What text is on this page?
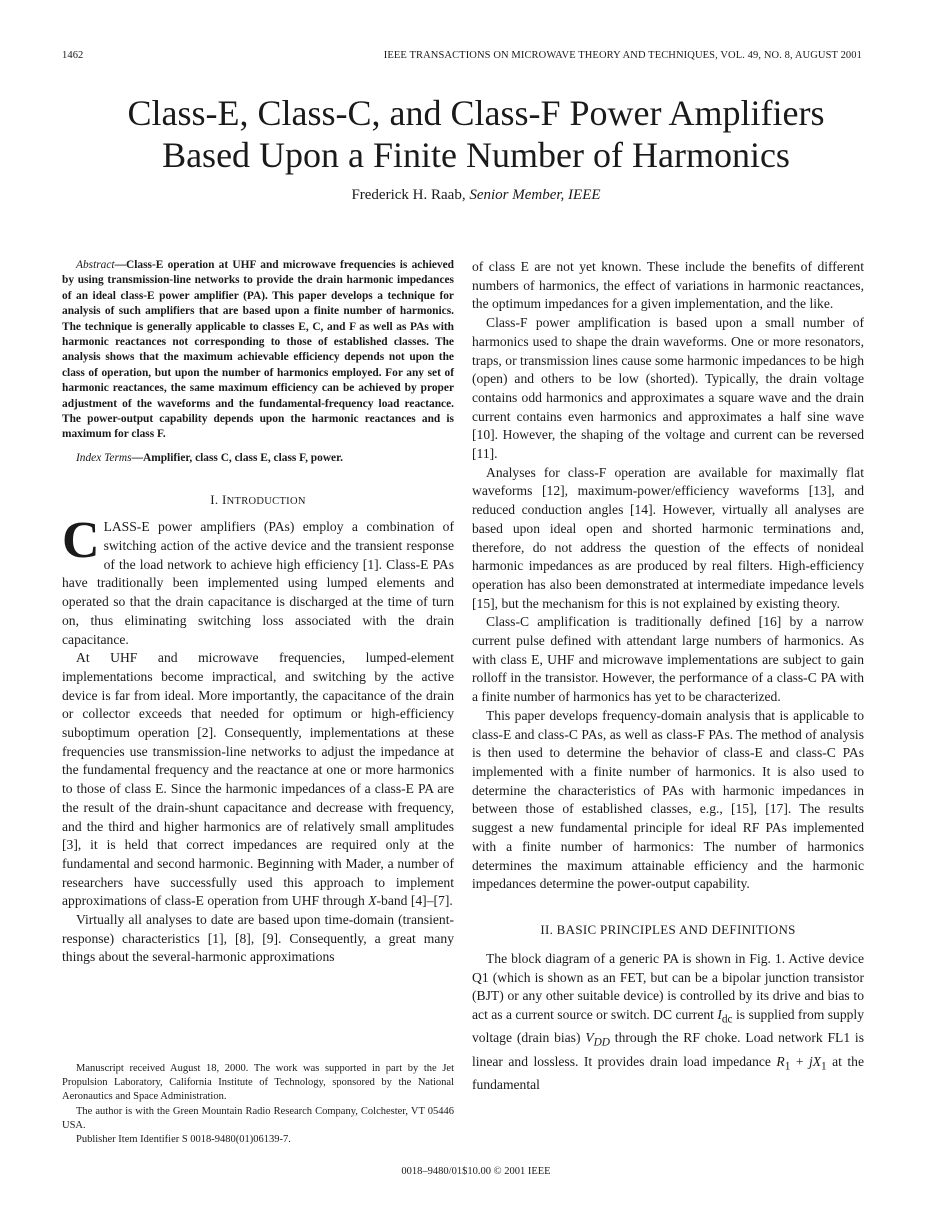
1462	IEEE TRANSACTIONS ON MICROWAVE THEORY AND TECHNIQUES, VOL. 49, NO. 8, AUGUST 2001
Class-E, Class-C, and Class-F Power Amplifiers
Based Upon a Finite Number of Harmonics
Frederick H. Raab, Senior Member, IEEE

Abstract—Class-E operation at UHF and microwave frequencies is achieved by using transmission-line networks to provide the drain harmonic impedances of an ideal class-E power amplifier (PA). This paper develops a technique for analysis of such amplifiers that are based upon a finite number of harmonics. The technique is generally applicable to classes E, C, and F as well as PAs with harmonic reactances not corresponding to those of established classes. The analysis shows that the maximum achievable efficiency depends not upon the class of operation, but upon the number of harmonics employed. For any set of harmonic reactances, the same maximum efficiency can be achieved by proper adjustment of the waveforms and the fundamental-frequency load reactance. The power-output capability depends upon the harmonic reactances and is maximum for class F.

Index Terms—Amplifier, class C, class E, class F, power.

I. INTRODUCTION

CLASS-E power amplifiers (PAs) employ a combination of switching action of the active device and the transient response of the load network to achieve high efficiency [1]. Class-E PAs have traditionally been implemented using lumped elements and operated so that the drain capacitance is discharged at the time of turn on, thus eliminating switching loss associated with the drain capacitance.

At UHF and microwave frequencies, lumped-element implementations become impractical, and switching by the active device is far from ideal. More importantly, the capacitance of the drain or collector exceeds that needed for optimum or high-efficiency suboptimum operation [2]. Consequently, implementations at these frequencies use transmission-line networks to adjust the impedance at the fundamental frequency and the reactance at one or more harmonics to those of class E. Since the harmonic impedances of a class-E PA are the result of the drain-shunt capacitance and decrease with frequency, and the third and higher harmonics are of relatively small amplitudes [3], it is held that correct impedances are required only at the fundamental and second harmonic. Beginning with Mader, a number of researchers have successfully used this approach to implement approximations of class-E operation from UHF through X-band [4]–[7].

Virtually all analyses to date are based upon time-domain (transient-response) characteristics [1], [8], [9]. Consequently, a great many things about the several-harmonic approximations

of class E are not yet known. These include the benefits of different numbers of harmonics, the effect of variations in harmonic reactances, the optimum impedances for a given implementation, and the like.

Class-F power amplification is based upon a small number of harmonics used to shape the drain waveforms. One or more resonators, traps, or transmission lines cause some harmonic impedances to be high (open) and others to be low (shorted). Typically, the drain voltage contains odd harmonics and approximates a square wave and the drain current contains even harmonics and approximates a half sine wave [10]. However, the shaping of the voltage and current can be reversed [11].

Analyses for class-F operation are available for maximally flat waveforms [12], maximum-power/efficiency waveforms [13], and reduced conduction angles [14]. However, virtually all analyses are based upon ideal open and shorted harmonic terminations and, therefore, do not address the question of the effects of nonideal harmonic impedances as are produced by real filters. High-efficiency operation has also been demonstrated at intermediate impedance levels [15], but the mechanism for this is not explained by existing theory.

Class-C amplification is traditionally defined [16] by a narrow current pulse defined with attendant large numbers of harmonics. As with class E, UHF and microwave implementations are subject to gain rolloff in the transistor. However, the performance of a class-C PA with a finite number of harmonics has yet to be characterized.

This paper develops frequency-domain analysis that is applicable to class-E and class-C PAs, as well as class-F PAs. The method of analysis is then used to determine the behavior of class-E and class-C PAs implemented with a finite number of harmonics. It is also used to determine the characteristics of PAs with harmonic impedances in between those of established classes, e.g., [15], [17]. The results suggest a new fundamental principle for ideal RF PAs implemented with a finite number of harmonics: The number of harmonics determines the maximum attainable efficiency and the harmonic impedances determine the power-output capability.

II. BASIC PRINCIPLES AND DEFINITIONS

The block diagram of a generic PA is shown in Fig. 1. Active device Q1 (which is shown as an FET, but can be a bipolar junction transistor (BJT) or any other suitable device) is controlled by its drive and bias to act as a current source or switch. DC current $I_{dc}$ is supplied from supply voltage (drain bias) $V_{DD}$ through the RF choke. Load network FL1 is linear and lossless. It provides drain load impedance $R_1 + jX_1$ at the fundamental

Manuscript received August 18, 2000. The work was supported in part by the Jet Propulsion Laboratory, California Institute of Technology, sponsored by the National Aeronautics and Space Administration.

The author is with the Green Mountain Radio Research Company, Colchester, VT 05446 USA.

Publisher Item Identifier S 0018-9480(01)06139-7.

0018–9480/01$10.00 © 2001 IEEE
